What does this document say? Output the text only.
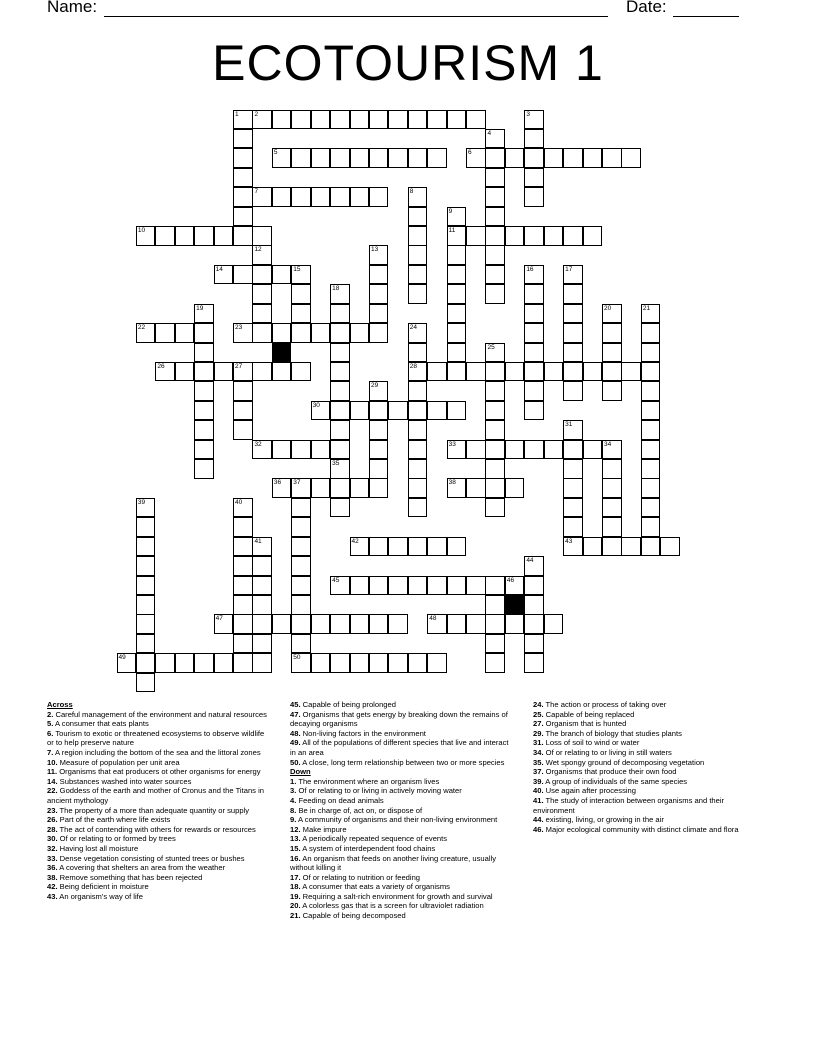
Name:	Date:
ECOTOURISM 1
1 2	3
4
5	6
7	8
9
10	11
12	13
14	15	16	17
18
19	20	21
22	23	24
25
26	27	28
29
30
31
32	33	34
35
36 37	38
39	40
41	42	43
44
45	46
47	48
49	50
Across
2. Careful management of the environment and natural resources
5. A consumer that eats plants
6. Tourism to exotic or threatened ecosystems to observe wildlife or to help preserve nature
7. A region including the bottom of the sea and the littoral zones
10. Measure of population per unit area
11. Organisms that eat producers ot other organisms for energy
14. Substances washed into water sources
22. Goddess of the earth and mother of Cronus and the Titans in ancient mythology
23. The property of a more than adequate quantity or supply
26. Part of the earth where life exists
28. The act of contending with others for rewards or resources
30. Of or relating to or formed by trees
32. Having lost all moisture
33. Dense vegetation consisting of stunted trees or bushes
36. A covering that shelters an area from the weather
38. Remove something that has been rejected
42. Being deficient in moisture
43. An organism's way of life
45. Capable of being prolonged
47. Organisms that gets energy by breaking down the remains of decaying organisms
48. Non-living factors in the environment
49. All of the populations of different species that live and interact in an area
50. A close, long term relationship between two or more species
Down
1. The environment where an organism lives
3. Of or relating to or living in actively moving water
4. Feeding on dead animals
8. Be in charge of, act on, or dispose of
9. A community of organisms and their non-living environment
12. Make impure
13. A periodically repeated sequence of events
15. A system of interdependent food chains
16. An organism that feeds on another living creature, usually without killing it
17. Of or relating to nutrition or feeding
18. A consumer that eats a variety of organisms
19. Requiring a salt-rich environment for growth and survival
20. A colorless gas that is a screen for ultraviolet radiation
21. Capable of being decomposed
24. The action or process of taking over
25. Capable of being replaced
27. Organism that is hunted
29. The branch of biology that studies plants
31. Loss of soil to wind or water
34. Of or relating to or living in still waters
35. Wet spongy ground of decomposing vegetation
37. Organisms that produce their own food
39. A group of individuals of the same species
40. Use again after processing
41. The study of interaction between organisms and their environment
44. existing, living, or growing in the air
46. Major ecological community with distinct climate and flora
